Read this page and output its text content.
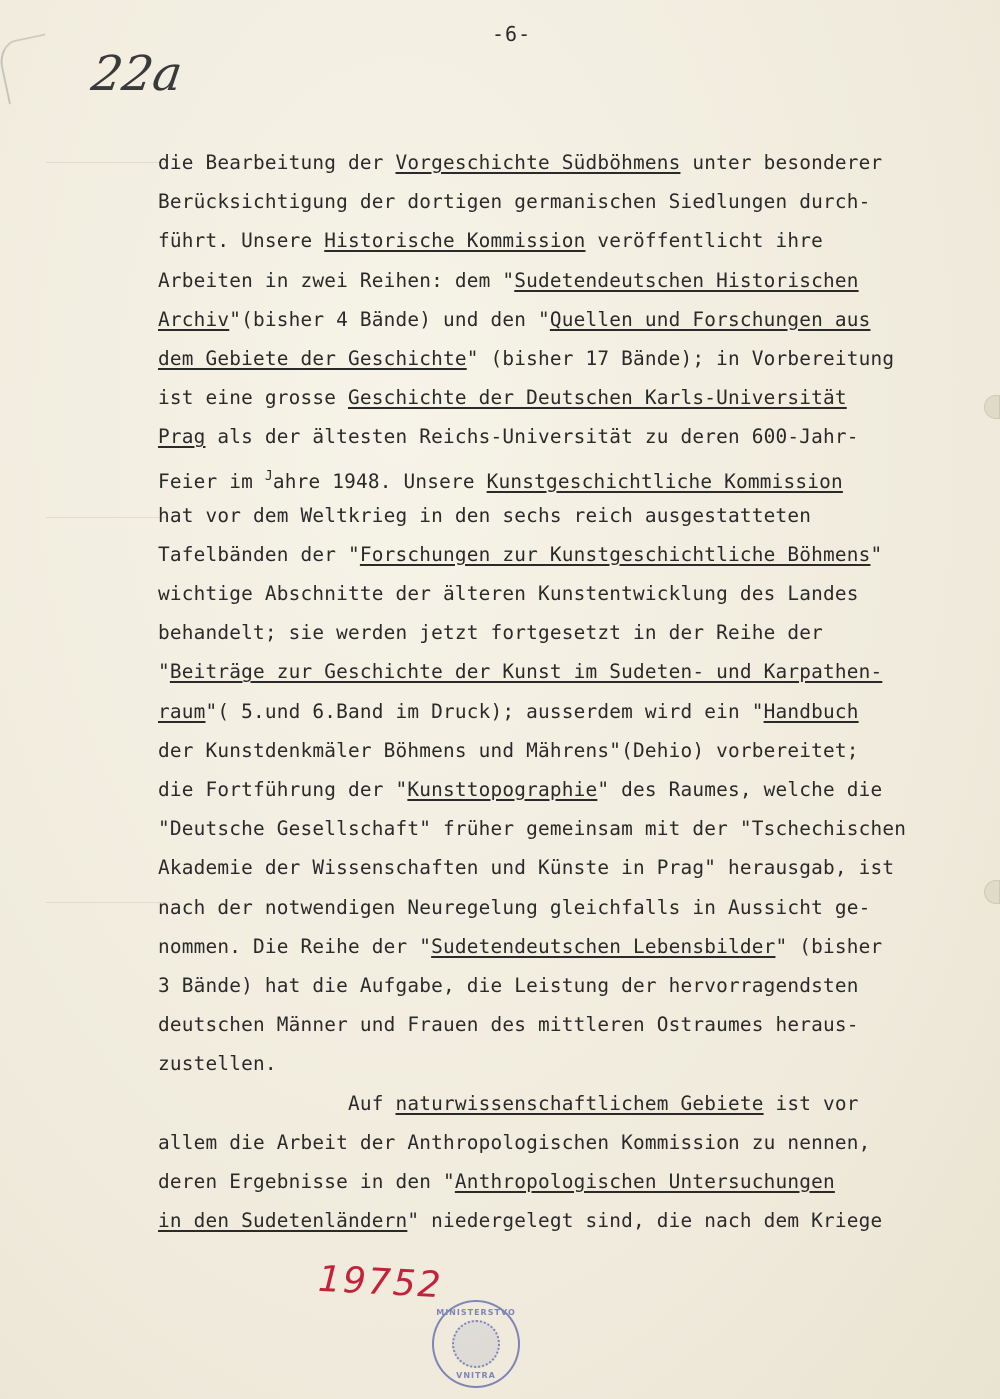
-6-
22a
die Bearbeitung der Vorgeschichte Südböhmens unter besonderer
Berücksichtigung der dortigen germanischen Siedlungen durch-
führt. Unsere Historische Kommission veröffentlicht ihre
Arbeiten in zwei Reihen: dem "Sudetendeutschen Historischen
Archiv"(bisher 4 Bände) und den "Quellen und Forschungen aus
dem Gebiete der Geschichte" (bisher 17 Bände); in Vorbereitung
ist eine grosse Geschichte der Deutschen Karls-Universität
Prag als der ältesten Reichs-Universität zu deren 600-Jahr-
Feier im $^J$ahre 1948. Unsere Kunstgeschichtliche Kommission
hat vor dem Weltkrieg in den sechs reich ausgestatteten
Tafelbänden der "Forschungen zur Kunstgeschichtliche Böhmens"
wichtige Abschnitte der älteren Kunstentwicklung des Landes
behandelt; sie werden jetzt fortgesetzt in der Reihe der
"Beiträge zur Geschichte der Kunst im Sudeten- und Karpathen-
raum"( 5.und 6.Band im Druck); ausserdem wird ein "Handbuch
der Kunstdenkmäler Böhmens und Mährens"(Dehio) vorbereitet;
die Fortführung der "Kunsttopographie" des Raumes, welche die
"Deutsche Gesellschaft" früher gemeinsam mit der "Tschechischen
Akademie der Wissenschaften und Künste in Prag" herausgab, ist
nach der notwendigen Neuregelung gleichfalls in Aussicht ge-
nommen. Die Reihe der "Sudetendeutschen Lebensbilder" (bisher
3 Bände) hat die Aufgabe, die Leistung der hervorragendsten
deutschen Männer und Frauen des mittleren Ostraumes heraus-
zustellen.
Auf naturwissenschaftlichem Gebiete ist vor
allem die Arbeit der Anthropologischen Kommission zu nennen,
deren Ergebnisse in den "Anthropologischen Untersuchungen
in den Sudetenländern" niedergelegt sind, die nach dem Kriege
19752
MINISTERSTVO
VNITRA
